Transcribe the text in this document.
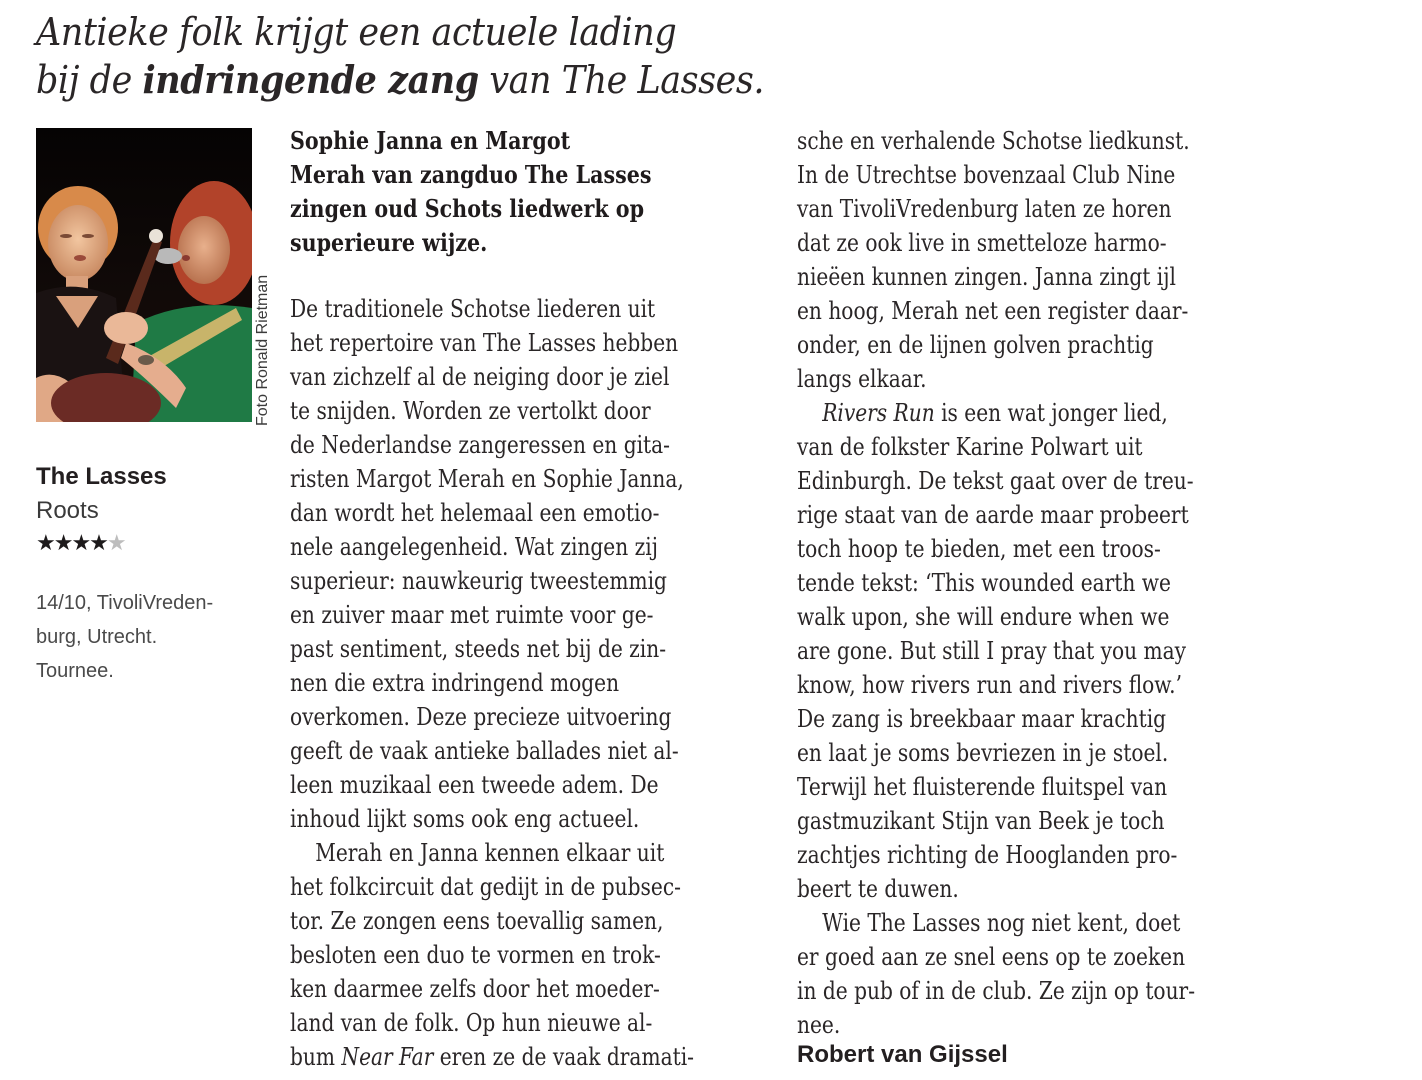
Antieke folk krijgt een actuele lading
bij de indringende zang van The Lasses.
Foto Ronald Rietman
The Lasses
Roots
★★★★★
14/10, TivoliVreden-
burg, Utrecht.
Tournee.
Sophie Janna en Margot
Merah van zangduo The Lasses
zingen oud Schots liedwerk op
superieure wijze.
De traditionele Schotse liederen uit
het repertoire van The Lasses hebben
van zichzelf al de neiging door je ziel
te snijden. Worden ze vertolkt door
de Nederlandse zangeressen en gita-
risten Margot Merah en Sophie Janna,
dan wordt het helemaal een emotio-
nele aangelegenheid. Wat zingen zij
superieur: nauwkeurig tweestemmig
en zuiver maar met ruimte voor ge-
past sentiment, steeds net bij de zin-
nen die extra indringend mogen
overkomen. Deze precieze uitvoering
geeft de vaak antieke ballades niet al-
leen muzikaal een tweede adem. De
inhoud lijkt soms ook eng actueel.
Merah en Janna kennen elkaar uit
het folkcircuit dat gedijt in de pubsec-
tor. Ze zongen eens toevallig samen,
besloten een duo te vormen en trok-
ken daarmee zelfs door het moeder-
land van de folk. Op hun nieuwe al-
bum Near Far eren ze de vaak dramati-
sche en verhalende Schotse liedkunst.
In de Utrechtse bovenzaal Club Nine
van TivoliVredenburg laten ze horen
dat ze ook live in smetteloze harmo-
nieëen kunnen zingen. Janna zingt ijl
en hoog, Merah net een register daar-
onder, en de lijnen golven prachtig
langs elkaar.
Rivers Run is een wat jonger lied,
van de folkster Karine Polwart uit
Edinburgh. De tekst gaat over de treu-
rige staat van de aarde maar probeert
toch hoop te bieden, met een troos-
tende tekst: ‘This wounded earth we
walk upon, she will endure when we
are gone. But still I pray that you may
know, how rivers run and rivers flow.’
De zang is breekbaar maar krachtig
en laat je soms bevriezen in je stoel.
Terwijl het fluisterende fluitspel van
gastmuzikant Stijn van Beek je toch
zachtjes richting de Hooglanden pro-
beert te duwen.
Wie The Lasses nog niet kent, doet
er goed aan ze snel eens op te zoeken
in de pub of in de club. Ze zijn op tour-
nee.
Robert van Gijssel
